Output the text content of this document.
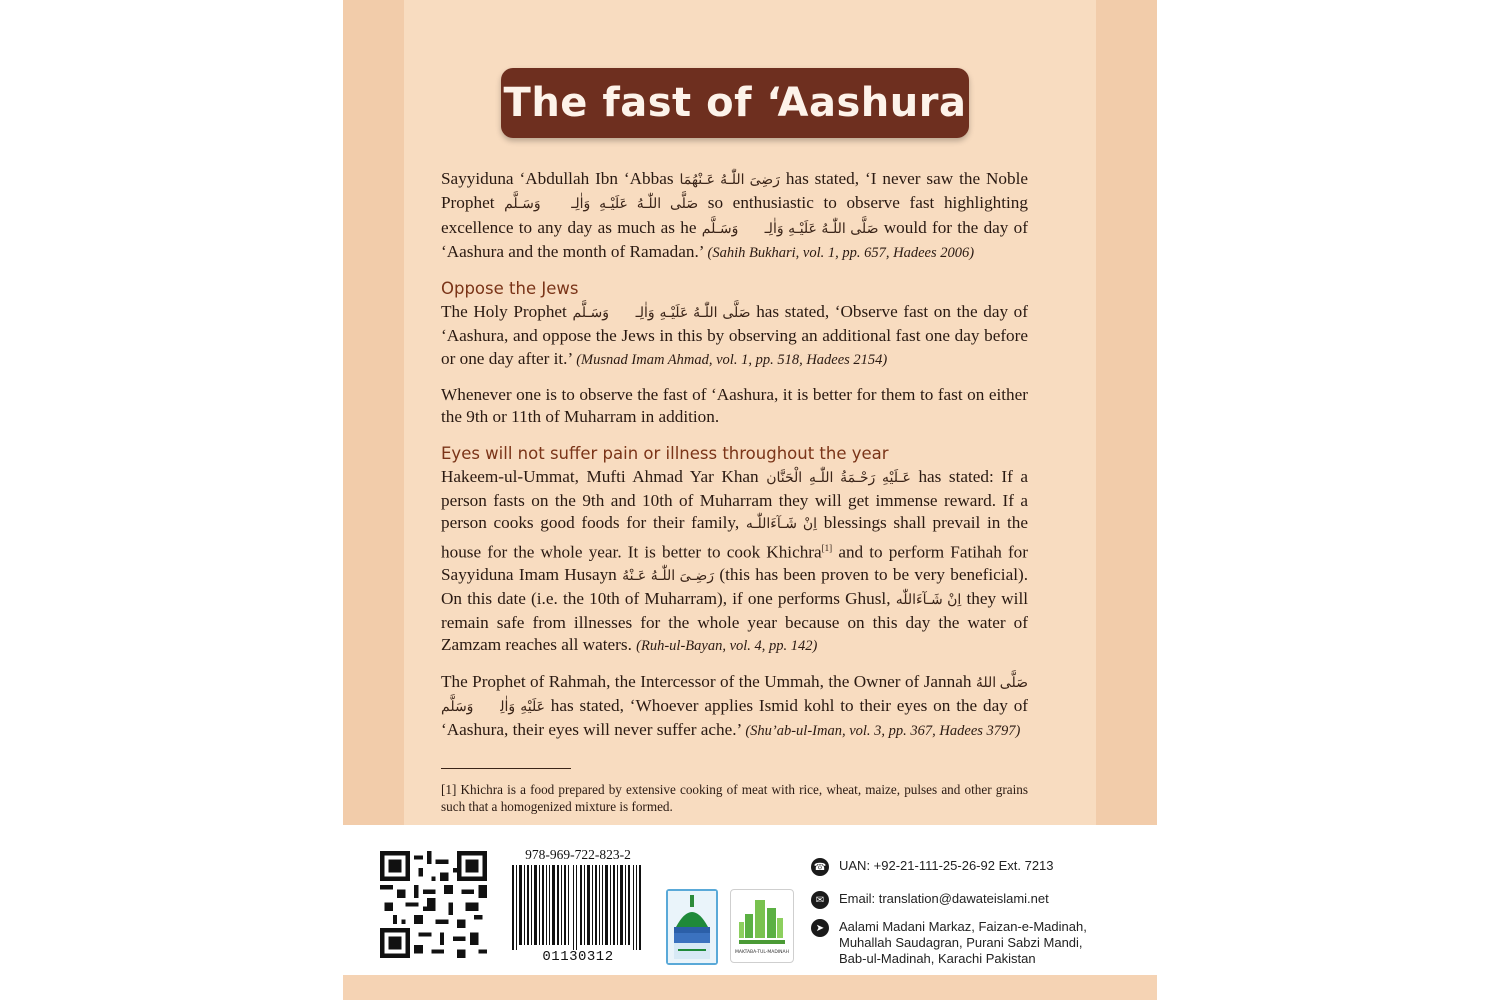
The fast of ‘Aashura

Sayyiduna ‘Abdullah Ibn ‘Abbas رَضِىَ اللّٰـهُ عَـنْهُمَا has stated, ‘I never saw the Noble Prophet صَلَّى اللّٰـهُ عَلَيْـهِ وَاٰلِـهٖ وَسَـلَّم so enthusiastic to observe fast highlighting excellence to any day as much as he صَلَّى اللّٰـهُ عَلَيْـهِ وَاٰلِـهٖ وَسَـلَّم would for the day of ‘Aashura and the month of Ramadan.’ (Sahih Bukhari, vol. 1, pp. 657, Hadees 2006)

Oppose the Jews

The Holy Prophet صَلَّى اللّٰـهُ عَلَيْـهِ وَاٰلِـهٖ وَسَـلَّم has stated, ‘Observe fast on the day of ‘Aashura, and oppose the Jews in this by observing an additional fast one day before or one day after it.’ (Musnad Imam Ahmad, vol. 1, pp. 518, Hadees 2154)

Whenever one is to observe the fast of ‘Aashura, it is better for them to fast on either the 9th or 11th of Muharram in addition.

Eyes will not suffer pain or illness throughout the year

Hakeem-ul-Ummat, Mufti Ahmad Yar Khan عَـلَيْهِ رَحْـمَةُ اللّٰـهِ الْحَنَّان has stated: If a person fasts on the 9th and 10th of Muharram they will get immense reward. If a person cooks good foods for their family, اِنْ شَـآءَاللّٰـه blessings shall prevail in the house for the whole year. It is better to cook Khichra[1] and to perform Fatihah for Sayyiduna Imam Husayn رَضِـىَ اللّٰـهُ عَـنْهُ (this has been proven to be very beneficial). On this date (i.e. the 10th of Muharram), if one performs Ghusl, اِنْ شَـآءَاللّٰه they will remain safe from illnesses for the whole year because on this day the water of Zamzam reaches all waters. (Ruh-ul-Bayan, vol. 4, pp. 142)

The Prophet of Rahmah, the Intercessor of the Ummah, the Owner of Jannah صَلَّى اللهُ عَلَيْهِ وَاٰلِهٖ وَسَلَّم has stated, ‘Whoever applies Ismid kohl to their eyes on the day of ‘Aashura, their eyes will never suffer ache.’ (Shu’ab-ul-Iman, vol. 3, pp. 367, Hadees 3797)

[1] Khichra is a food prepared by extensive cooking of meat with rice, wheat, maize, pulses and other grains such that a homogenized mixture is formed.

978-969-722-823-2
01130312	MAKTABA-TUL-MADINAH
☎ UAN: +92-21-111-25-26-92 Ext. 7213
✉	Email: translation@dawateislami.net
➤	Aalami Madani Markaz, Faizan-e-Madinah,
Muhallah Saudagran, Purani Sabzi Mandi,
Bab-ul-Madinah, Karachi Pakistan
